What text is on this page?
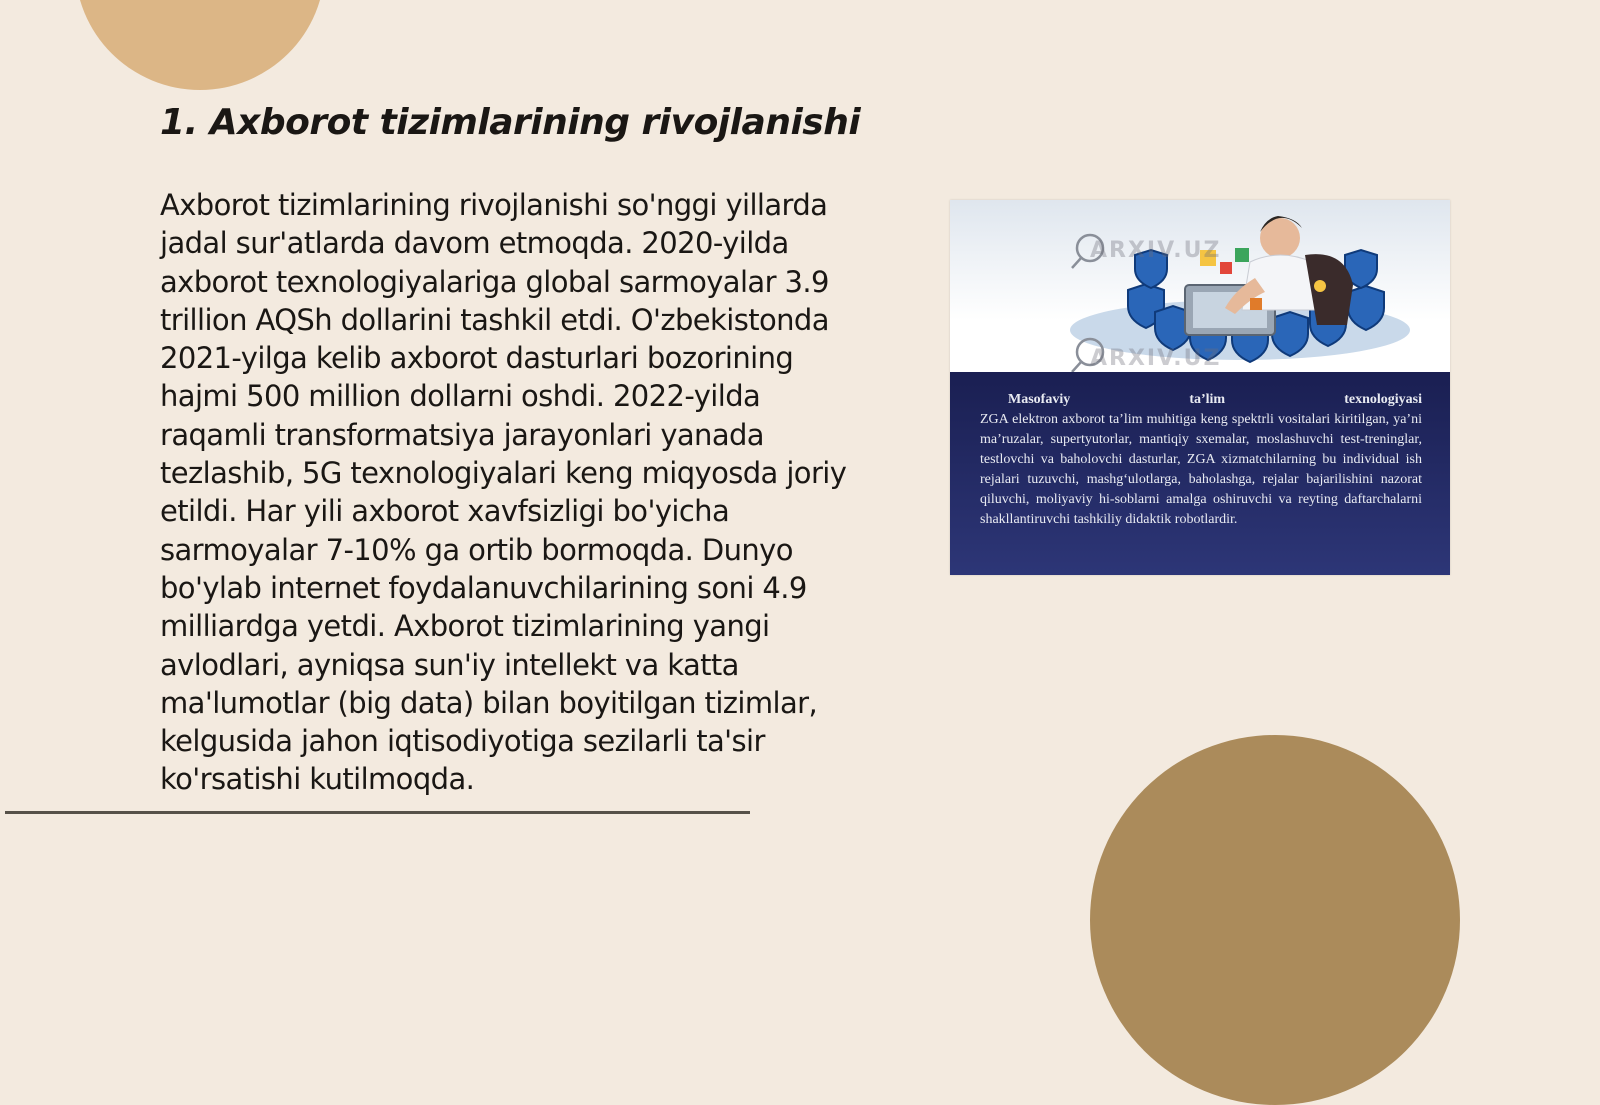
1. Axborot tizimlarining rivojlanishi

Axborot tizimlarining rivojlanishi so'nggi yillarda jadal sur'atlarda davom etmoqda. 2020-yilda axborot texnologiyalariga global sarmoyalar 3.9 trillion AQSh dollarini tashkil etdi. O'zbekistonda 2021-yilga kelib axborot dasturlari bozorining hajmi 500 million dollarni oshdi. 2022-yilda raqamli transformatsiya jarayonlari yanada tezlashib, 5G texnologiyalari keng miqyosda joriy etildi. Har yili axborot xavfsizligi bo'yicha sarmoyalar 7-10% ga ortib bormoqda. Dunyo bo'ylab internet foydalanuvchilarining soni 4.9 milliardga yetdi. Axborot tizimlarining yangi avlodlari, ayniqsa sun'iy intellekt va katta ma'lumotlar (big data) bilan boyitilgan tizimlar, kelgusida jahon iqtisodiyotiga sezilarli ta'sir ko'rsatishi kutilmoqda.

ARXIV.UZ
ARXIV.UZ
Masofaviy	ta’lim	texnologiyasi
ZGA elektron axborot ta’lim muhitiga keng spektrli vositalari kiritilgan, ya’ni ma’ruzalar, supertyutorlar, mantiqiy sxemalar, moslashuvchi test-treninglar, testlovchi va baholovchi dasturlar, ZGA xizmatchilarning bu individual ish rejalari tuzuvchi, mashg‘ulotlarga, baholashga, rejalar bajarilishini nazorat qiluvchi, moliyaviy hi-soblarni amalga oshiruvchi va reyting daftarchalarni shakllantiruvchi tashkiliy didaktik robotlardir.
